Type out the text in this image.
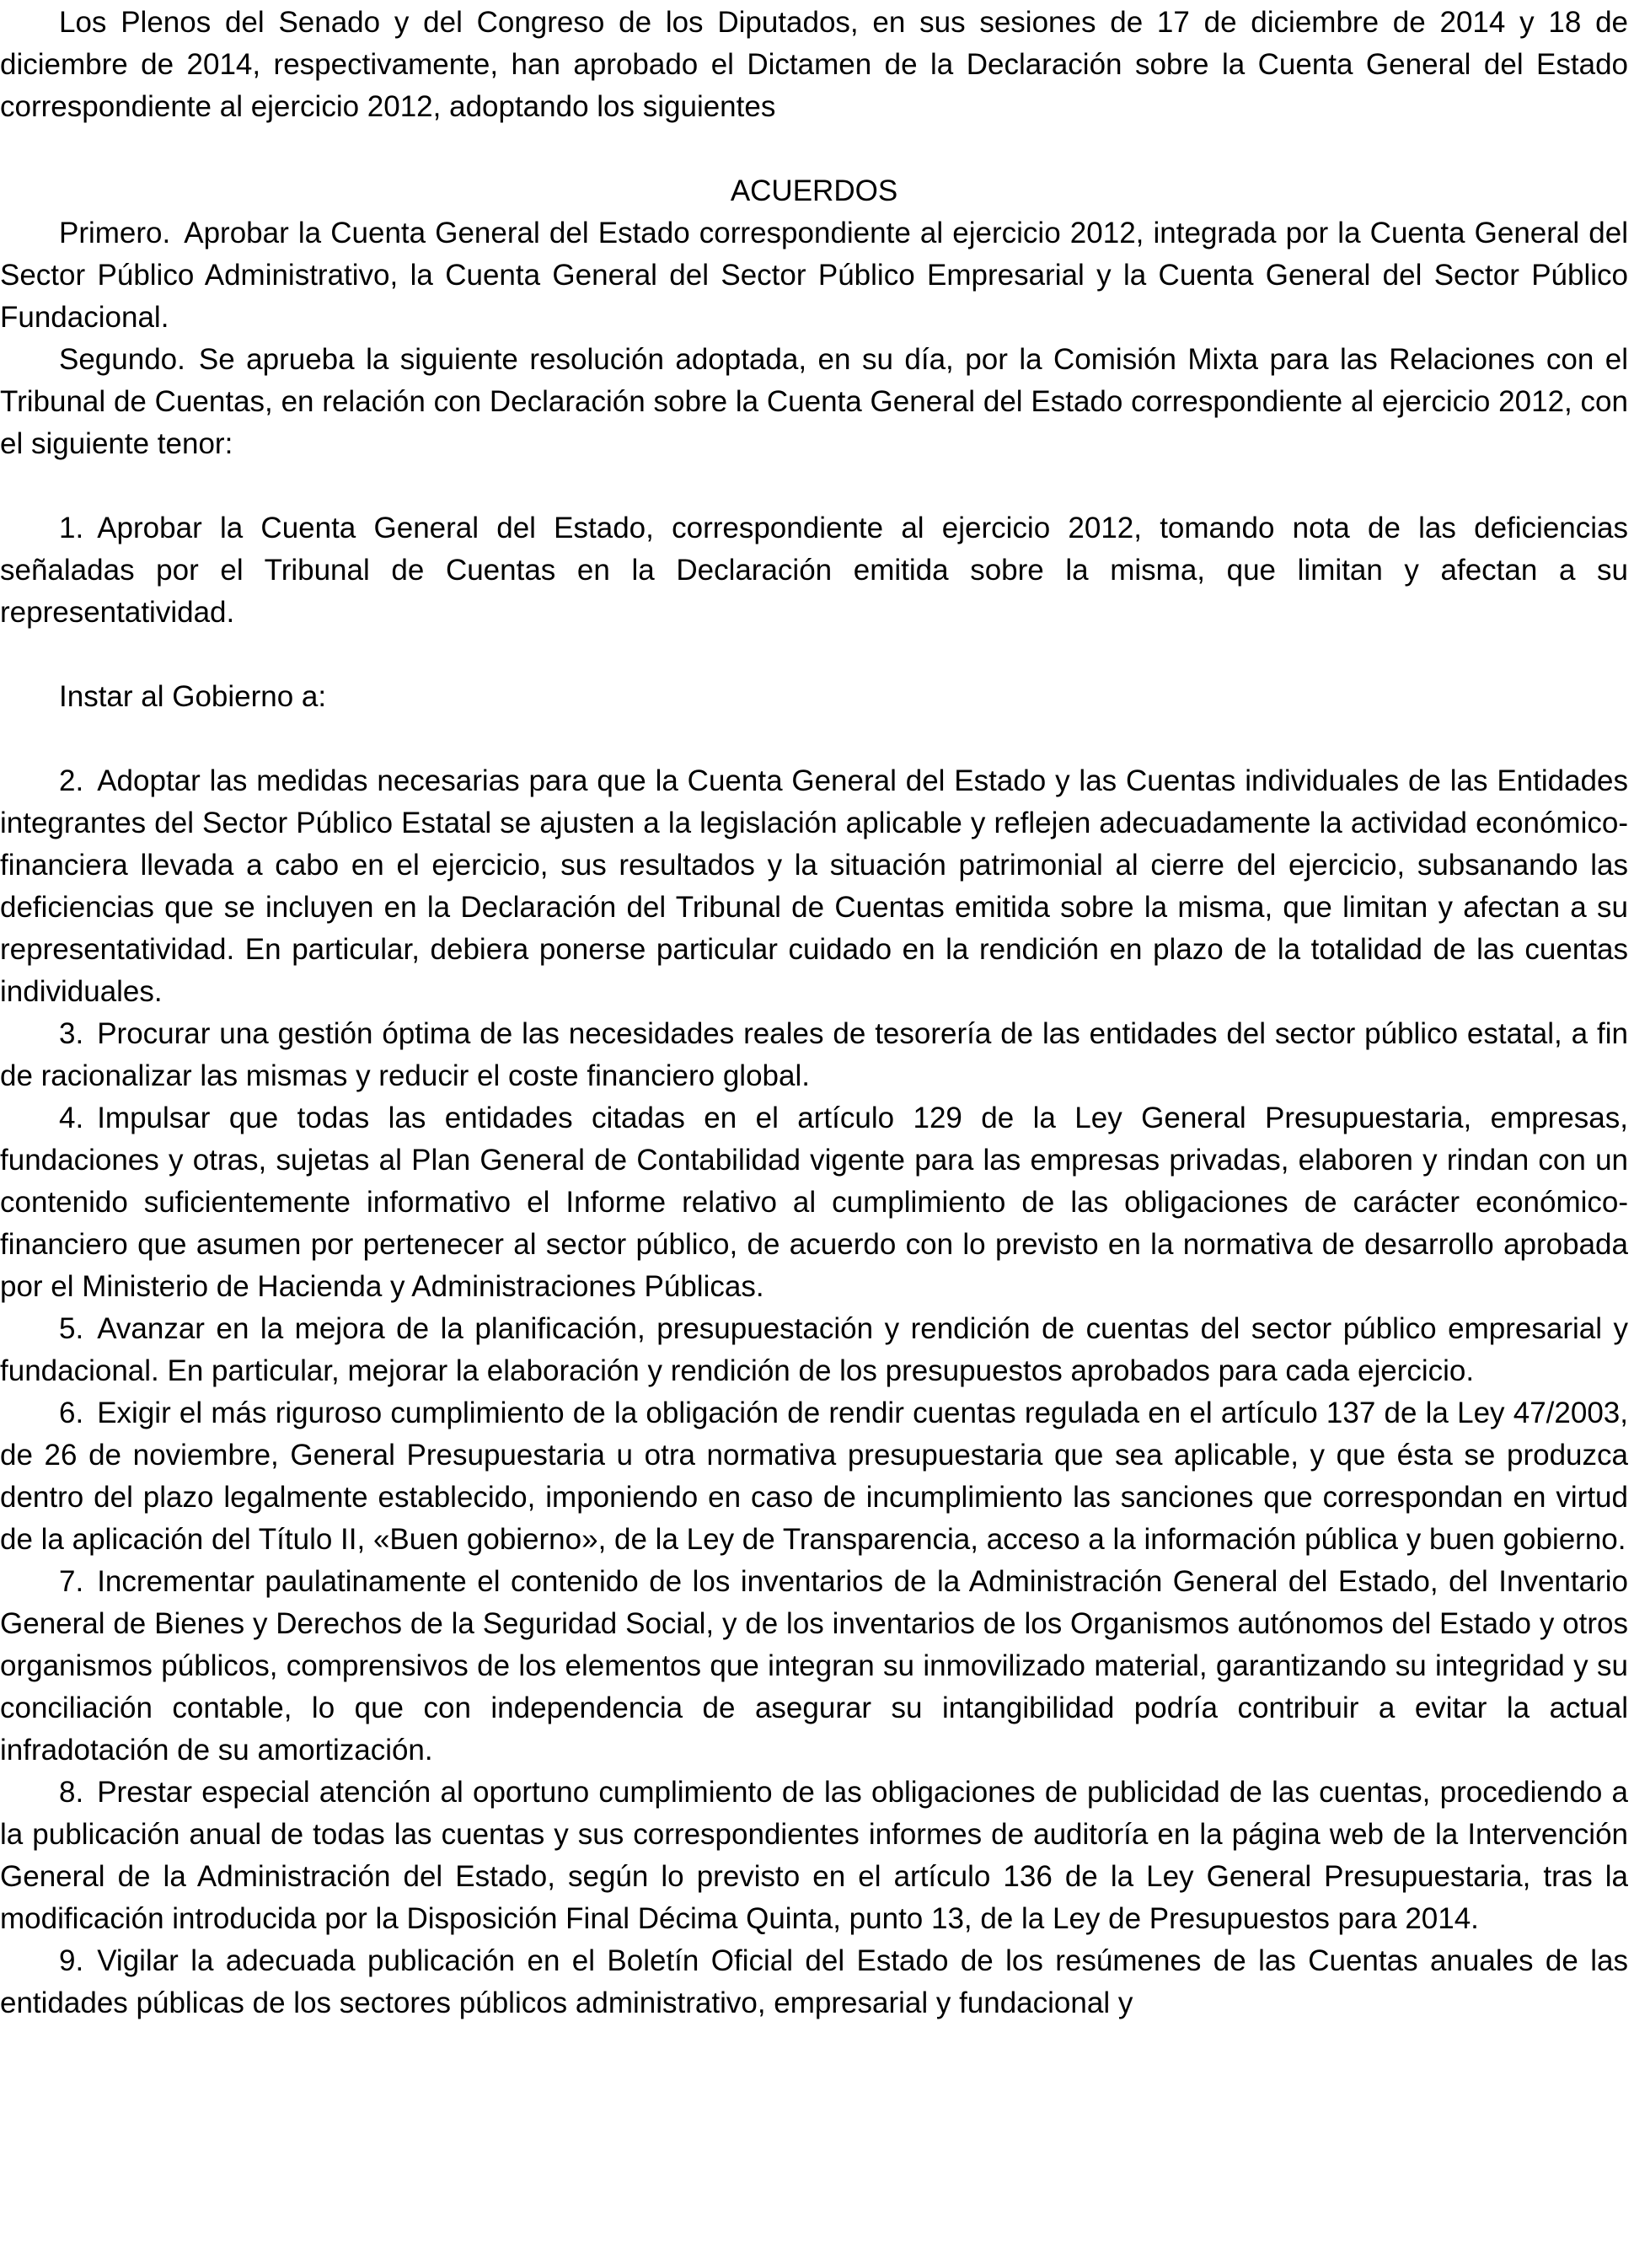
Los Plenos del Senado y del Congreso de los Diputados, en sus sesiones de 17 de diciembre de 2014 y 18 de diciembre de 2014, respectivamente, han aprobado el Dictamen de la Declaración sobre la Cuenta General del Estado correspondiente al ejercicio 2012, adoptando los siguientes

ACUERDOS

Primero. Aprobar la Cuenta General del Estado correspondiente al ejercicio 2012, integrada por la Cuenta General del Sector Público Administrativo, la Cuenta General del Sector Público Empresarial y la Cuenta General del Sector Público Fundacional.

Segundo. Se aprueba la siguiente resolución adoptada, en su día, por la Comisión Mixta para las Relaciones con el Tribunal de Cuentas, en relación con Declaración sobre la Cuenta General del Estado correspondiente al ejercicio 2012, con el siguiente tenor:

1. Aprobar la Cuenta General del Estado, correspondiente al ejercicio 2012, tomando nota de las deficiencias señaladas por el Tribunal de Cuentas en la Declaración emitida sobre la misma, que limitan y afectan a su representatividad.

Instar al Gobierno a:

2. Adoptar las medidas necesarias para que la Cuenta General del Estado y las Cuentas individuales de las Entidades integrantes del Sector Público Estatal se ajusten a la legislación aplicable y reflejen adecuadamente la actividad económico-financiera llevada a cabo en el ejercicio, sus resultados y la situación patrimonial al cierre del ejercicio, subsanando las deficiencias que se incluyen en la Declaración del Tribunal de Cuentas emitida sobre la misma, que limitan y afectan a su representatividad. En particular, debiera ponerse particular cuidado en la rendición en plazo de la totalidad de las cuentas individuales.

3. Procurar una gestión óptima de las necesidades reales de tesorería de las entidades del sector público estatal, a fin de racionalizar las mismas y reducir el coste financiero global.

4. Impulsar que todas las entidades citadas en el artículo 129 de la Ley General Presupuestaria, empresas, fundaciones y otras, sujetas al Plan General de Contabilidad vigente para las empresas privadas, elaboren y rindan con un contenido suficientemente informativo el Informe relativo al cumplimiento de las obligaciones de carácter económico-financiero que asumen por pertenecer al sector público, de acuerdo con lo previsto en la normativa de desarrollo aprobada por el Ministerio de Hacienda y Administraciones Públicas.

5. Avanzar en la mejora de la planificación, presupuestación y rendición de cuentas del sector público empresarial y fundacional. En particular, mejorar la elaboración y rendición de los presupuestos aprobados para cada ejercicio.

6. Exigir el más riguroso cumplimiento de la obligación de rendir cuentas regulada en el artículo 137 de la Ley 47/2003, de 26 de noviembre, General Presupuestaria u otra normativa presupuestaria que sea aplicable, y que ésta se produzca dentro del plazo legalmente establecido, imponiendo en caso de incumplimiento las sanciones que correspondan en virtud de la aplicación del Título II, «Buen gobierno», de la Ley de Transparencia, acceso a la información pública y buen gobierno.

7. Incrementar paulatinamente el contenido de los inventarios de la Administración General del Estado, del Inventario General de Bienes y Derechos de la Seguridad Social, y de los inventarios de los Organismos autónomos del Estado y otros organismos públicos, comprensivos de los elementos que integran su inmovilizado material, garantizando su integridad y su conciliación contable, lo que con independencia de asegurar su intangibilidad podría contribuir a evitar la actual infradotación de su amortización.

8. Prestar especial atención al oportuno cumplimiento de las obligaciones de publicidad de las cuentas, procediendo a la publicación anual de todas las cuentas y sus correspondientes informes de auditoría en la página web de la Intervención General de la Administración del Estado, según lo previsto en el artículo 136 de la Ley General Presupuestaria, tras la modificación introducida por la Disposición Final Décima Quinta, punto 13, de la Ley de Presupuestos para 2014.

9. Vigilar la adecuada publicación en el Boletín Oficial del Estado de los resúmenes de las Cuentas anuales de las entidades públicas de los sectores públicos administrativo, empresarial y fundacional y
